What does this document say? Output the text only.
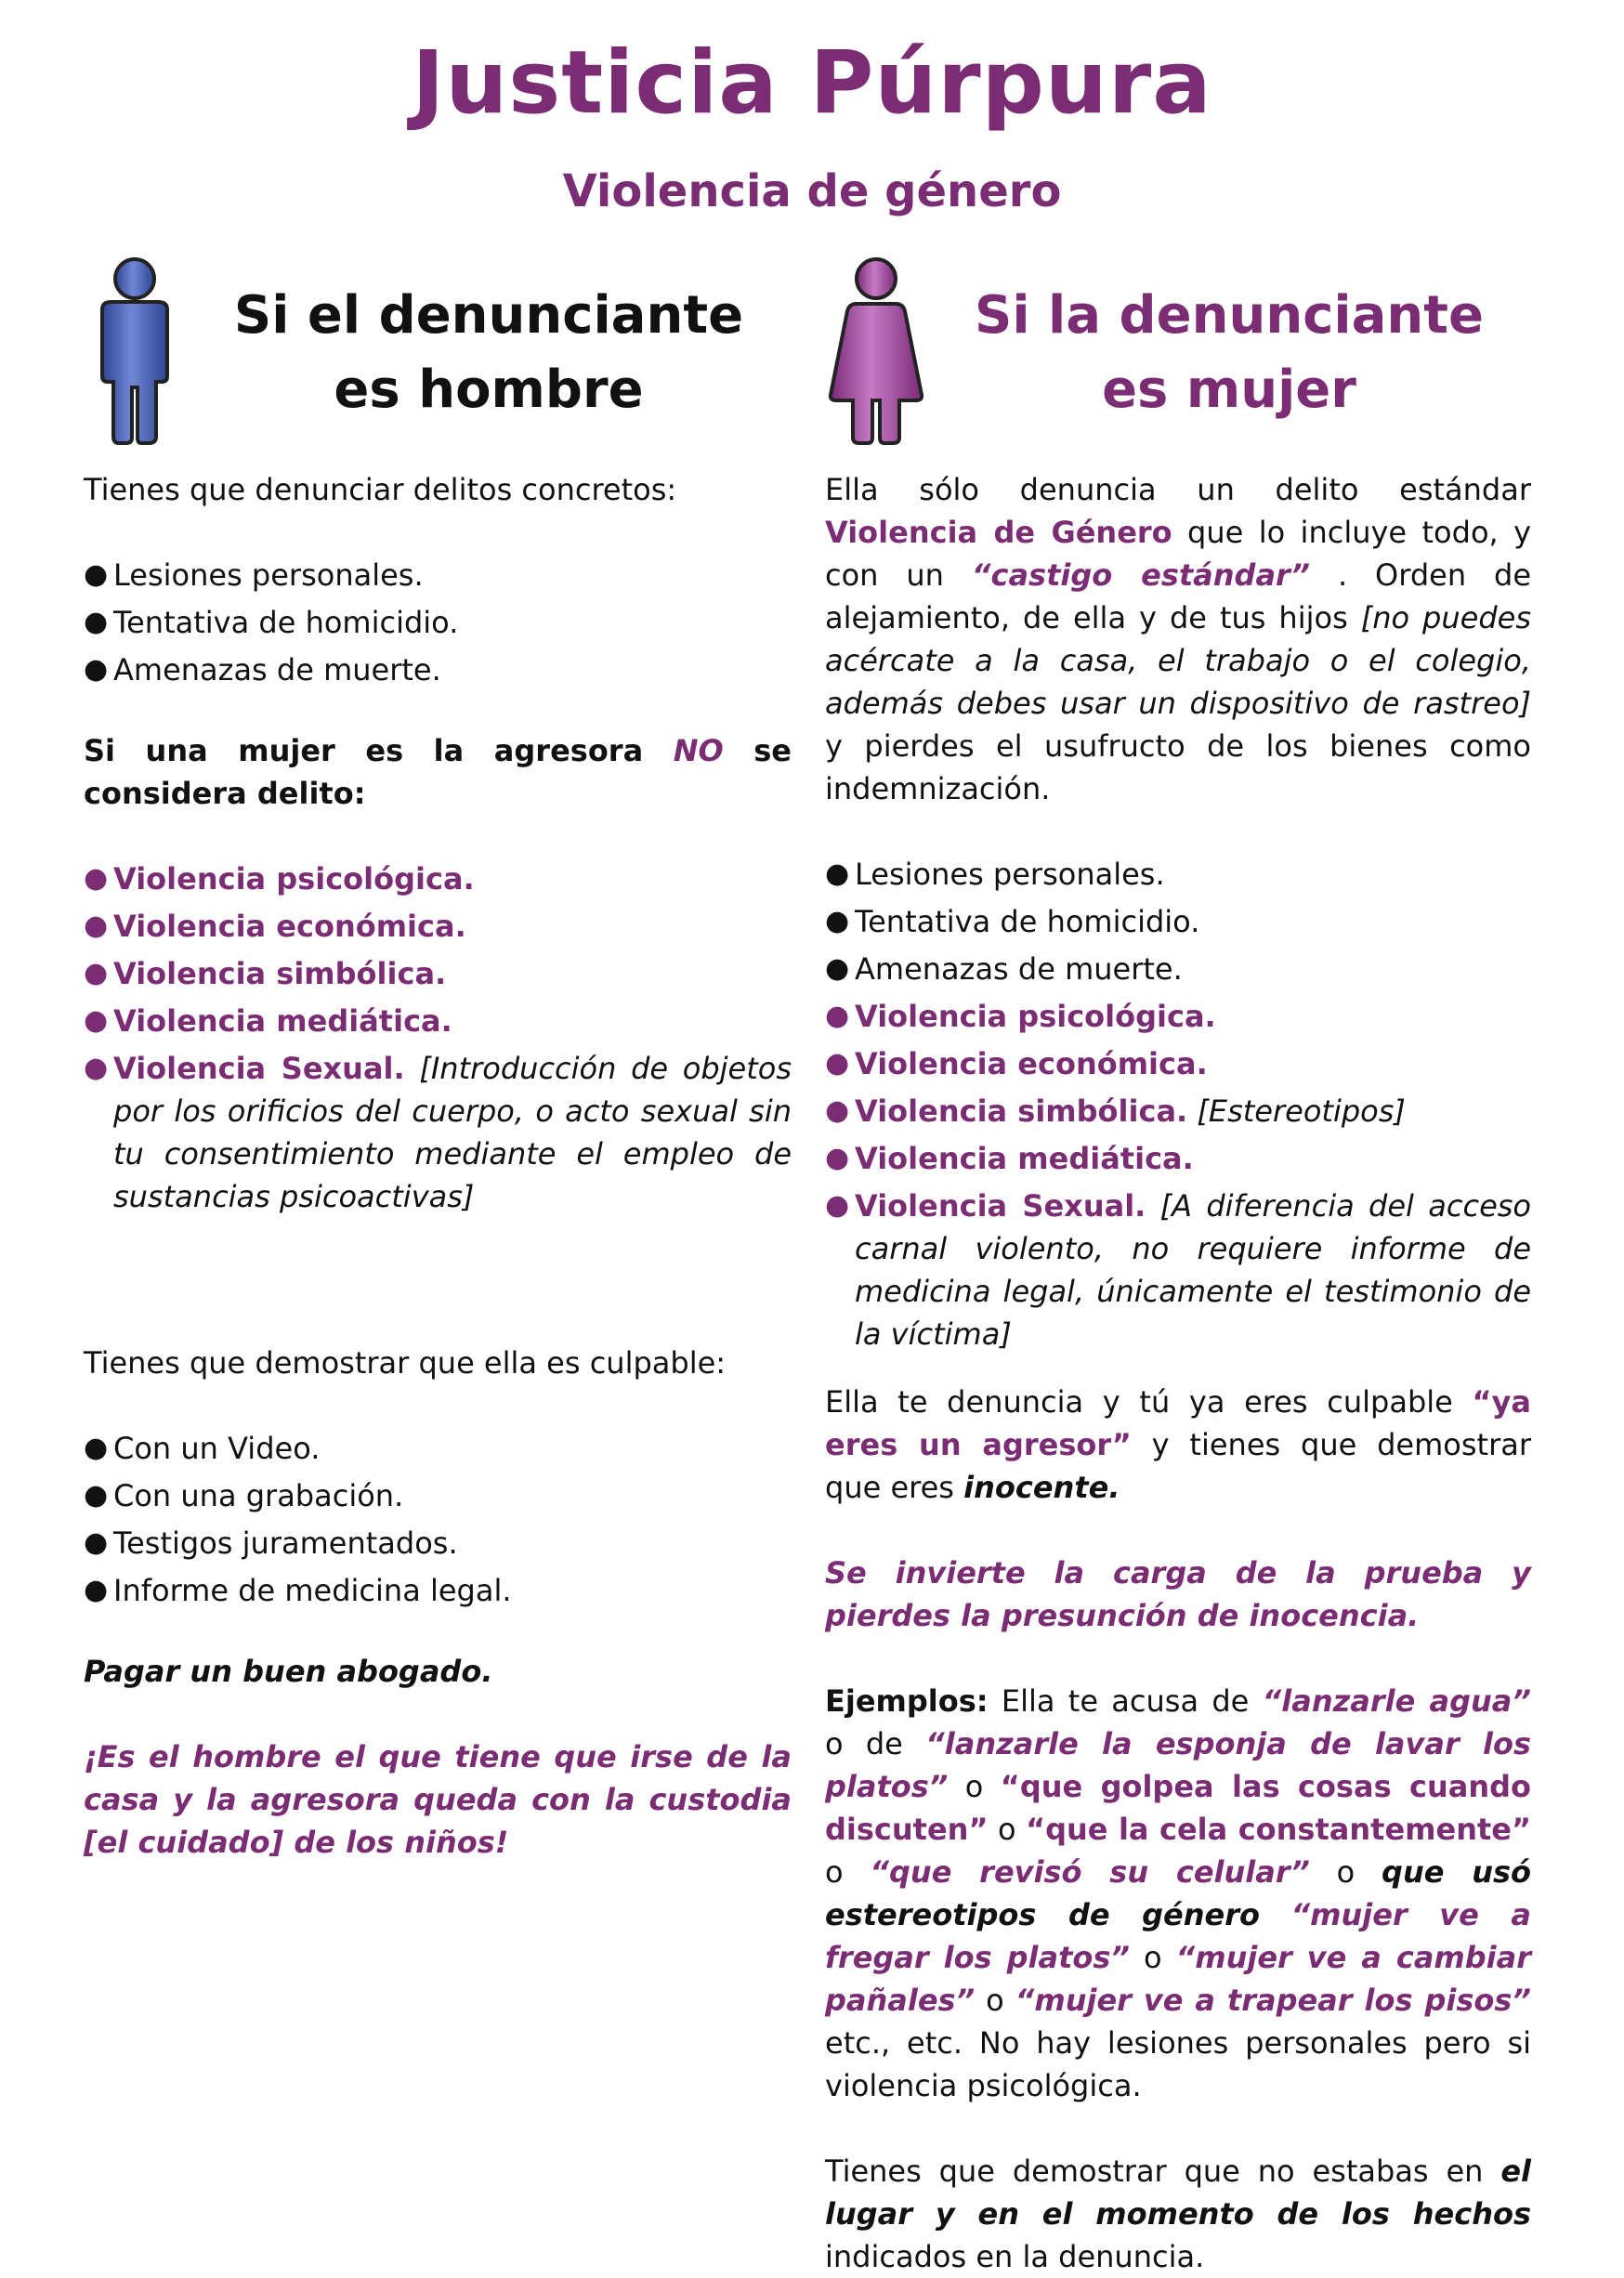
Justicia Púrpura
Violencia de género
Si el denunciante
es hombre

Tienes que denunciar delitos concretos:

● Lesiones personales.
● Tentativa de homicidio.
● Amenazas de muerte.

Si una mujer es la agresora NO se considera delito:

● Violencia psicológica.
● Violencia económica.
● Violencia simbólica.
● Violencia mediática.
● Violencia Sexual. [Introducción de objetos por los orificios del cuerpo, o acto sexual sin tu consentimiento mediante el empleo de sustancias psicoactivas]

Tienes que demostrar que ella es culpable:

● Con un Video.
● Con una grabación.
● Testigos juramentados.
● Informe de medicina legal.

Pagar un buen abogado.

¡Es el hombre el que tiene que irse de la casa y la agresora queda con la custodia [el cuidado] de los niños!

Si la denunciante
es mujer

Ella sólo denuncia un delito estándar Violencia de Género que lo incluye todo, y con un “castigo estándar” . Orden de alejamiento, de ella y de tus hijos [no puedes acércate a la casa, el trabajo o el colegio, además debes usar un dispositivo de rastreo] y pierdes el usufructo de los bienes como indemnización.

● Lesiones personales.
● Tentativa de homicidio.
● Amenazas de muerte.
● Violencia psicológica.
● Violencia económica.
● Violencia simbólica. [Estereotipos]
● Violencia mediática.
● Violencia Sexual. [A diferencia del acceso carnal violento, no requiere informe de medicina legal, únicamente el testimonio de la víctima]

Ella te denuncia y tú ya eres culpable “ya eres un agresor” y tienes que demostrar que eres inocente.

Se invierte la carga de la prueba y pierdes la presunción de inocencia.

Ejemplos: Ella te acusa de “lanzarle agua” o de “lanzarle la esponja de lavar los platos” o “que golpea las cosas cuando discuten” o “que la cela constantemente” o “que revisó su celular” o que usó estereotipos de género “mujer ve a fregar los platos” o “mujer ve a cambiar pañales” o “mujer ve a trapear los pisos” etc., etc. No hay lesiones personales pero si violencia psicológica.

Tienes que demostrar que no estabas en el lugar y en el momento de los hechos indicados en la denuncia.
